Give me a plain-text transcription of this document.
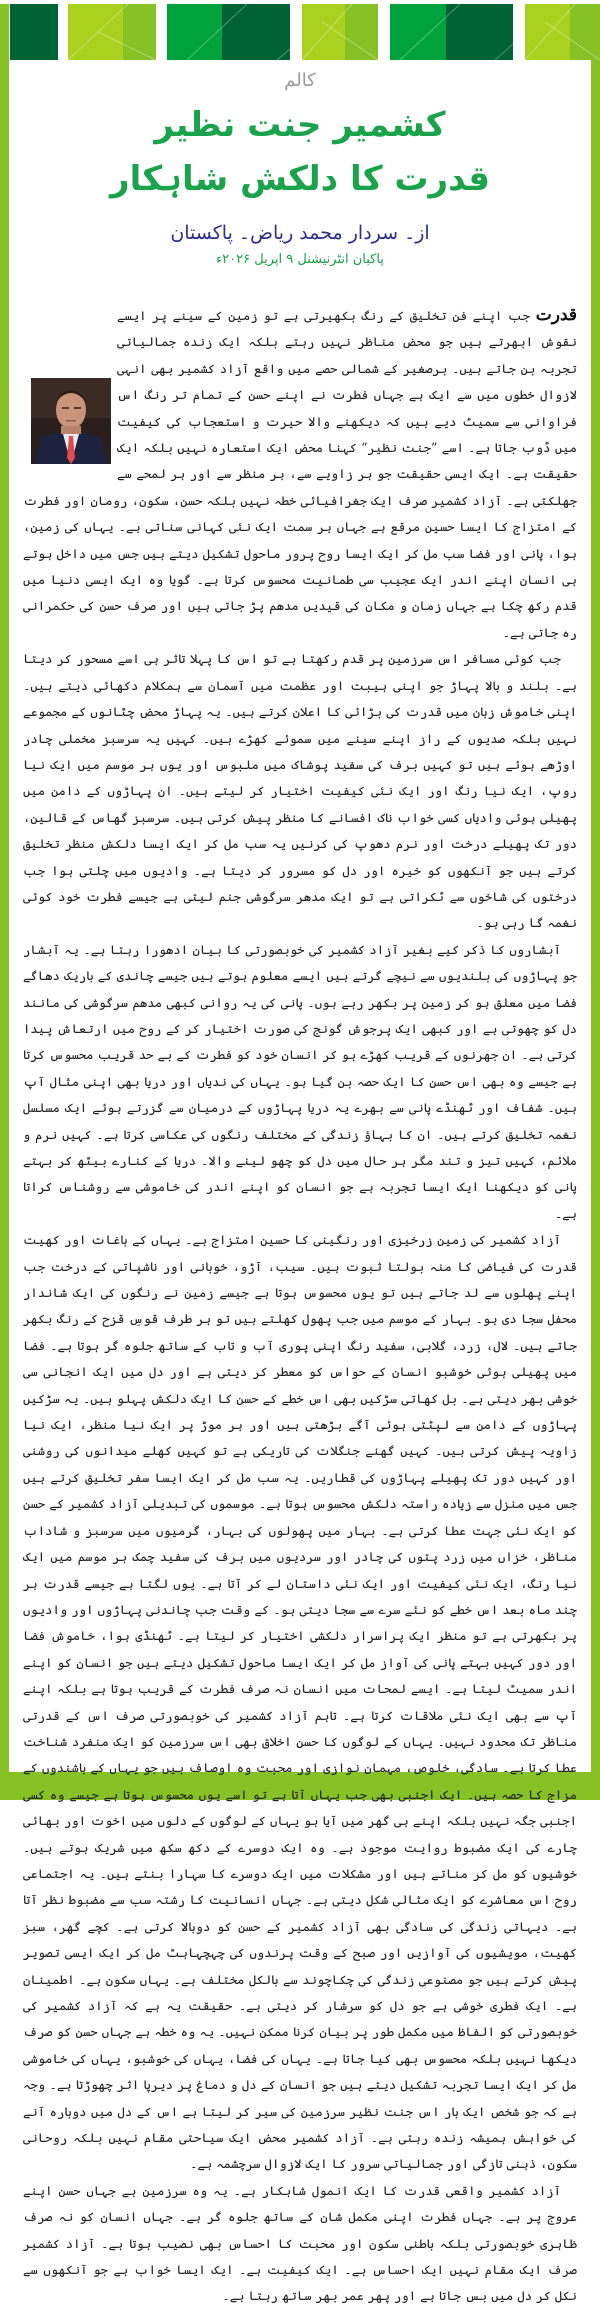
کالم
کشمیر جنت نظیر
قدرت کا دلکش شاہکار
از۔ سردار محمد ریاض۔ پاکستان
پاکبان انٹرنیشنل ۹ اپریل ۲۰۲۶ء

قدرت جب اپنے فنِ تخلیق کے رنگ بکھیرتی ہے تو زمین کے سینے پر ایسے نقوش ابھرتے ہیں جو محض مناظر نہیں رہتے بلکہ ایک زندہ جمالیاتی تجربہ بن جاتے ہیں۔ برصغیر کے شمالی حصے میں واقع آزاد کشمیر بھی انہی لازوال خطوں میں سے ایک ہے جہاں فطرت نے اپنے حسن کے تمام تر رنگ اس فراوانی سے سمیٹ دیے ہیں کہ دیکھنے والا حیرت و استعجاب کی کیفیت میں ڈوب جاتا ہے۔ اسے ”جنت نظیر“ کہنا محض ایک استعارہ نہیں بلکہ ایک حقیقت ہے۔ ایک ایسی حقیقت جو ہر زاویے سے، ہر منظر سے اور ہر لمحے سے جھلکتی ہے۔ آزاد کشمیر صرف ایک جغرافیائی خطہ نہیں بلکہ حسن، سکون، رومان اور فطرت کے امتزاج کا ایسا حسین مرقع ہے جہاں ہر سمت ایک نئی کہانی سناتی ہے۔ یہاں کی زمین، ہوا، پانی اور فضا سب مل کر ایک ایسا روح پرور ماحول تشکیل دیتے ہیں جس میں داخل ہوتے ہی انسان اپنے اندر ایک عجیب سی طمانیت محسوس کرتا ہے۔ گویا وہ ایک ایسی دنیا میں قدم رکھ چکا ہے جہاں زمان و مکان کی قیدیں مدھم پڑ جاتی ہیں اور صرف حسن کی حکمرانی رہ جاتی ہے۔

جب کوئی مسافر اس سرزمین پر قدم رکھتا ہے تو اس کا پہلا تاثر ہی اسے مسحور کر دیتا ہے۔ بلند و بالا پہاڑ جو اپنی ہیبت اور عظمت میں آسمان سے ہمکلام دکھائی دیتے ہیں۔ اپنی خاموش زبان میں قدرت کی بڑائی کا اعلان کرتے ہیں۔ یہ پہاڑ محض چٹانوں کے مجموعے نہیں بلکہ صدیوں کے راز اپنے سینے میں سموئے کھڑے ہیں۔ کہیں یہ سرسبز مخملی چادر اوڑھے ہوئے ہیں تو کہیں برف کی سفید پوشاک میں ملبوس اور یوں ہر موسم میں ایک نیا روپ، ایک نیا رنگ اور ایک نئی کیفیت اختیار کر لیتے ہیں۔ ان پہاڑوں کے دامن میں پھیلی ہوئی وادیاں کسی خواب ناک افسانے کا منظر پیش کرتی ہیں۔ سرسبز گھاس کے قالین، دور تک پھیلے درخت اور نرم دھوپ کی کرنیں یہ سب مل کر ایک ایسا دلکش منظر تخلیق کرتے ہیں جو آنکھوں کو خیرہ اور دل کو مسرور کر دیتا ہے۔ وادیوں میں چلتی ہوا جب درختوں کی شاخوں سے ٹکراتی ہے تو ایک مدھر سرگوشی جنم لیتی ہے جیسے فطرت خود کوئی نغمہ گا رہی ہو۔

آبشاروں کا ذکر کیے بغیر آزاد کشمیر کی خوبصورتی کا بیان ادھورا رہتا ہے۔ یہ آبشار جو پہاڑوں کی بلندیوں سے نیچے گرتے ہیں ایسے معلوم ہوتے ہیں جیسے چاندی کے باریک دھاگے فضا میں معلق ہو کر زمین پر بکھر رہے ہوں۔ پانی کی یہ روانی کبھی مدھم سرگوشی کی مانند دل کو چھوتی ہے اور کبھی ایک پرجوش گونج کی صورت اختیار کر کے روح میں ارتعاش پیدا کرتی ہے۔ ان جھرنوں کے قریب کھڑے ہو کر انسان خود کو فطرت کے بے حد قریب محسوس کرتا ہے جیسے وہ بھی اس حسن کا ایک حصہ بن گیا ہو۔ یہاں کی ندیاں اور دریا بھی اپنی مثال آپ ہیں۔ شفاف اور ٹھنڈے پانی سے بھرے یہ دریا پہاڑوں کے درمیان سے گزرتے ہوئے ایک مسلسل نغمہ تخلیق کرتے ہیں۔ ان کا بہاؤ زندگی کے مختلف رنگوں کی عکاسی کرتا ہے۔ کہیں نرم و ملائم، کہیں تیز و تند مگر ہر حال میں دل کو چھو لینے والا۔ دریا کے کنارے بیٹھ کر بہتے پانی کو دیکھنا ایک ایسا تجربہ ہے جو انسان کو اپنے اندر کی خاموشی سے روشناس کراتا ہے۔

آزاد کشمیر کی زمین زرخیزی اور رنگینی کا حسین امتزاج ہے۔ یہاں کے باغات اور کھیت قدرت کی فیاضی کا منہ بولتا ثبوت ہیں۔ سیب، آڑو، خوبانی اور ناشپاتی کے درخت جب اپنے پھلوں سے لد جاتے ہیں تو یوں محسوس ہوتا ہے جیسے زمین نے رنگوں کی ایک شاندار محفل سجا دی ہو۔ بہار کے موسم میں جب پھول کھلتے ہیں تو ہر طرف قوسِ قزح کے رنگ بکھر جاتے ہیں۔ لال، زرد، گلابی، سفید رنگ اپنی پوری آب و تاب کے ساتھ جلوہ گر ہوتا ہے۔ فضا میں پھیلی ہوئی خوشبو انسان کے حواس کو معطر کر دیتی ہے اور دل میں ایک انجانی سی خوشی بھر دیتی ہے۔ بل کھاتی سڑکیں بھی اس خطے کے حسن کا ایک دلکش پہلو ہیں۔ یہ سڑکیں پہاڑوں کے دامن سے لپٹتی ہوئی آگے بڑھتی ہیں اور ہر موڑ پر ایک نیا منظر، ایک نیا زاویہ پیش کرتی ہیں۔ کہیں گھنے جنگلات کی تاریکی ہے تو کہیں کھلے میدانوں کی روشنی اور کہیں دور تک پھیلے پہاڑوں کی قطاریں۔ یہ سب مل کر ایک ایسا سفر تخلیق کرتے ہیں جس میں منزل سے زیادہ راستہ دلکش محسوس ہوتا ہے۔ موسموں کی تبدیلی آزاد کشمیر کے حسن کو ایک نئی جہت عطا کرتی ہے۔ بہار میں پھولوں کی بہار، گرمیوں میں سرسبز و شاداب مناظر، خزاں میں زرد پتوں کی چادر اور سردیوں میں برف کی سفید چمک ہر موسم میں ایک نیا رنگ، ایک نئی کیفیت اور ایک نئی داستان لے کر آتا ہے۔ یوں لگتا ہے جیسے قدرت ہر چند ماہ بعد اس خطے کو نئے سرے سے سجا دیتی ہو۔ کے وقت جب چاندنی پہاڑوں اور وادیوں پر بکھرتی ہے تو منظر ایک پراسرار دلکشی اختیار کر لیتا ہے۔ ٹھنڈی ہوا، خاموش فضا اور دور کہیں بہتے پانی کی آواز مل کر ایک ایسا ماحول تشکیل دیتے ہیں جو انسان کو اپنے اندر سمیٹ لیتا ہے۔ ایسے لمحات میں انسان نہ صرف فطرت کے قریب ہوتا ہے بلکہ اپنے آپ سے بھی ایک نئی ملاقات کرتا ہے۔ تاہم آزاد کشمیر کی خوبصورتی صرف اس کے قدرتی مناظر تک محدود نہیں۔ یہاں کے لوگوں کا حسنِ اخلاق بھی اس سرزمین کو ایک منفرد شناخت عطا کرتا ہے۔ سادگی، خلوص، مہمان نوازی اور محبت وہ اوصاف ہیں جو یہاں کے باشندوں کے مزاج کا حصہ ہیں۔ ایک اجنبی بھی جب یہاں آتا ہے تو اسے یوں محسوس ہوتا ہے جیسے وہ کسی اجنبی جگہ نہیں بلکہ اپنے ہی گھر میں آیا ہو یہاں کے لوگوں کے دلوں میں اخوت اور بھائی چارے کی ایک مضبوط روایت موجود ہے۔ وہ ایک دوسرے کے دکھ سکھ میں شریک ہوتے ہیں۔ خوشیوں کو مل کر مناتے ہیں اور مشکلات میں ایک دوسرے کا سہارا بنتے ہیں۔ یہ اجتماعی روح اس معاشرے کو ایک مثالی شکل دیتی ہے۔ جہاں انسانیت کا رشتہ سب سے مضبوط نظر آتا ہے۔ دیہاتی زندگی کی سادگی بھی آزاد کشمیر کے حسن کو دوبالا کرتی ہے۔ کچے گھر، سبز کھیت، مویشیوں کی آوازیں اور صبح کے وقت پرندوں کی چہچہاہٹ مل کر ایک ایسی تصویر پیش کرتے ہیں جو مصنوعی زندگی کی چکاچوند سے بالکل مختلف ہے۔ یہاں سکون ہے۔ اطمینان ہے۔ ایک فطری خوشی ہے جو دل کو سرشار کر دیتی ہے۔ حقیقت یہ ہے کہ آزاد کشمیر کی خوبصورتی کو الفاظ میں مکمل طور پر بیان کرنا ممکن نہیں۔ یہ وہ خطہ ہے جہاں حسن کو صرف دیکھا نہیں بلکہ محسوس بھی کیا جاتا ہے۔ یہاں کی فضا، یہاں کی خوشبو، یہاں کی خاموشی مل کر ایک ایسا تجربہ تشکیل دیتے ہیں جو انسان کے دل و دماغ پر دیرپا اثر چھوڑتا ہے۔ وجہ ہے کہ جو شخص ایک بار اس جنت نظیر سرزمین کی سیر کر لیتا ہے اس کے دل میں دوبارہ آنے کی خواہش ہمیشہ زندہ رہتی ہے۔ آزاد کشمیر محض ایک سیاحتی مقام نہیں بلکہ روحانی سکون، ذہنی تازگی اور جمالیاتی سرور کا ایک لازوال سرچشمہ ہے۔

آزاد کشمیر واقعی قدرت کا ایک انمول شاہکار ہے۔ یہ وہ سرزمین ہے جہاں حسن اپنے عروج پر ہے۔ جہاں فطرت اپنی مکمل شان کے ساتھ جلوہ گر ہے۔ جہاں انسان کو نہ صرف ظاہری خوبصورتی بلکہ باطنی سکون اور محبت کا احساس بھی نصیب ہوتا ہے۔ آزاد کشمیر صرف ایک مقام نہیں ایک احساس ہے۔ ایک کیفیت ہے۔ ایک ایسا خواب ہے جو آنکھوں سے نکل کر دل میں بس جاتا ہے اور پھر عمر بھر ساتھ رہتا ہے۔
